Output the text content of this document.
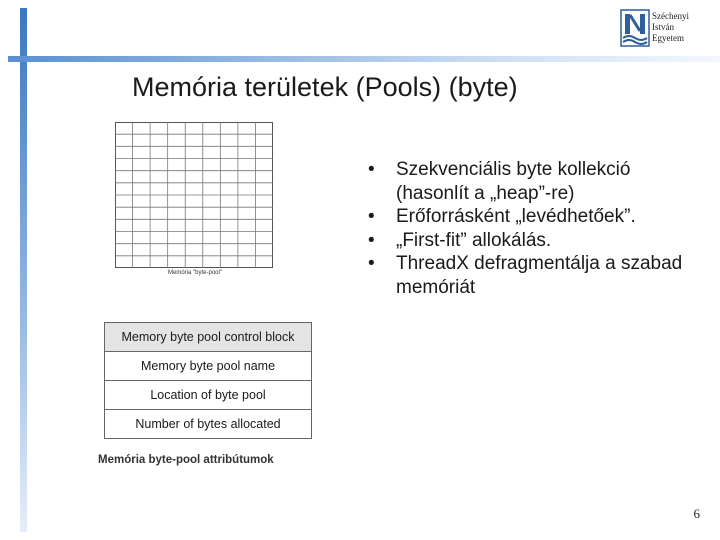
Széchenyi
István
Egyetem
Memória területek (Pools) (byte)
Memória "byte-pool"
Memory byte pool control block
Memory byte pool name
Location of byte pool
Number of bytes allocated
Memória byte-pool attribútumok
• Szekvenciális byte kollekció (hasonlít a „heap”-re)
• Erőforrásként „levédhetőek”.
• „First-fit” allokálás.
• ThreadX defragmentálja a szabad memóriát
6
